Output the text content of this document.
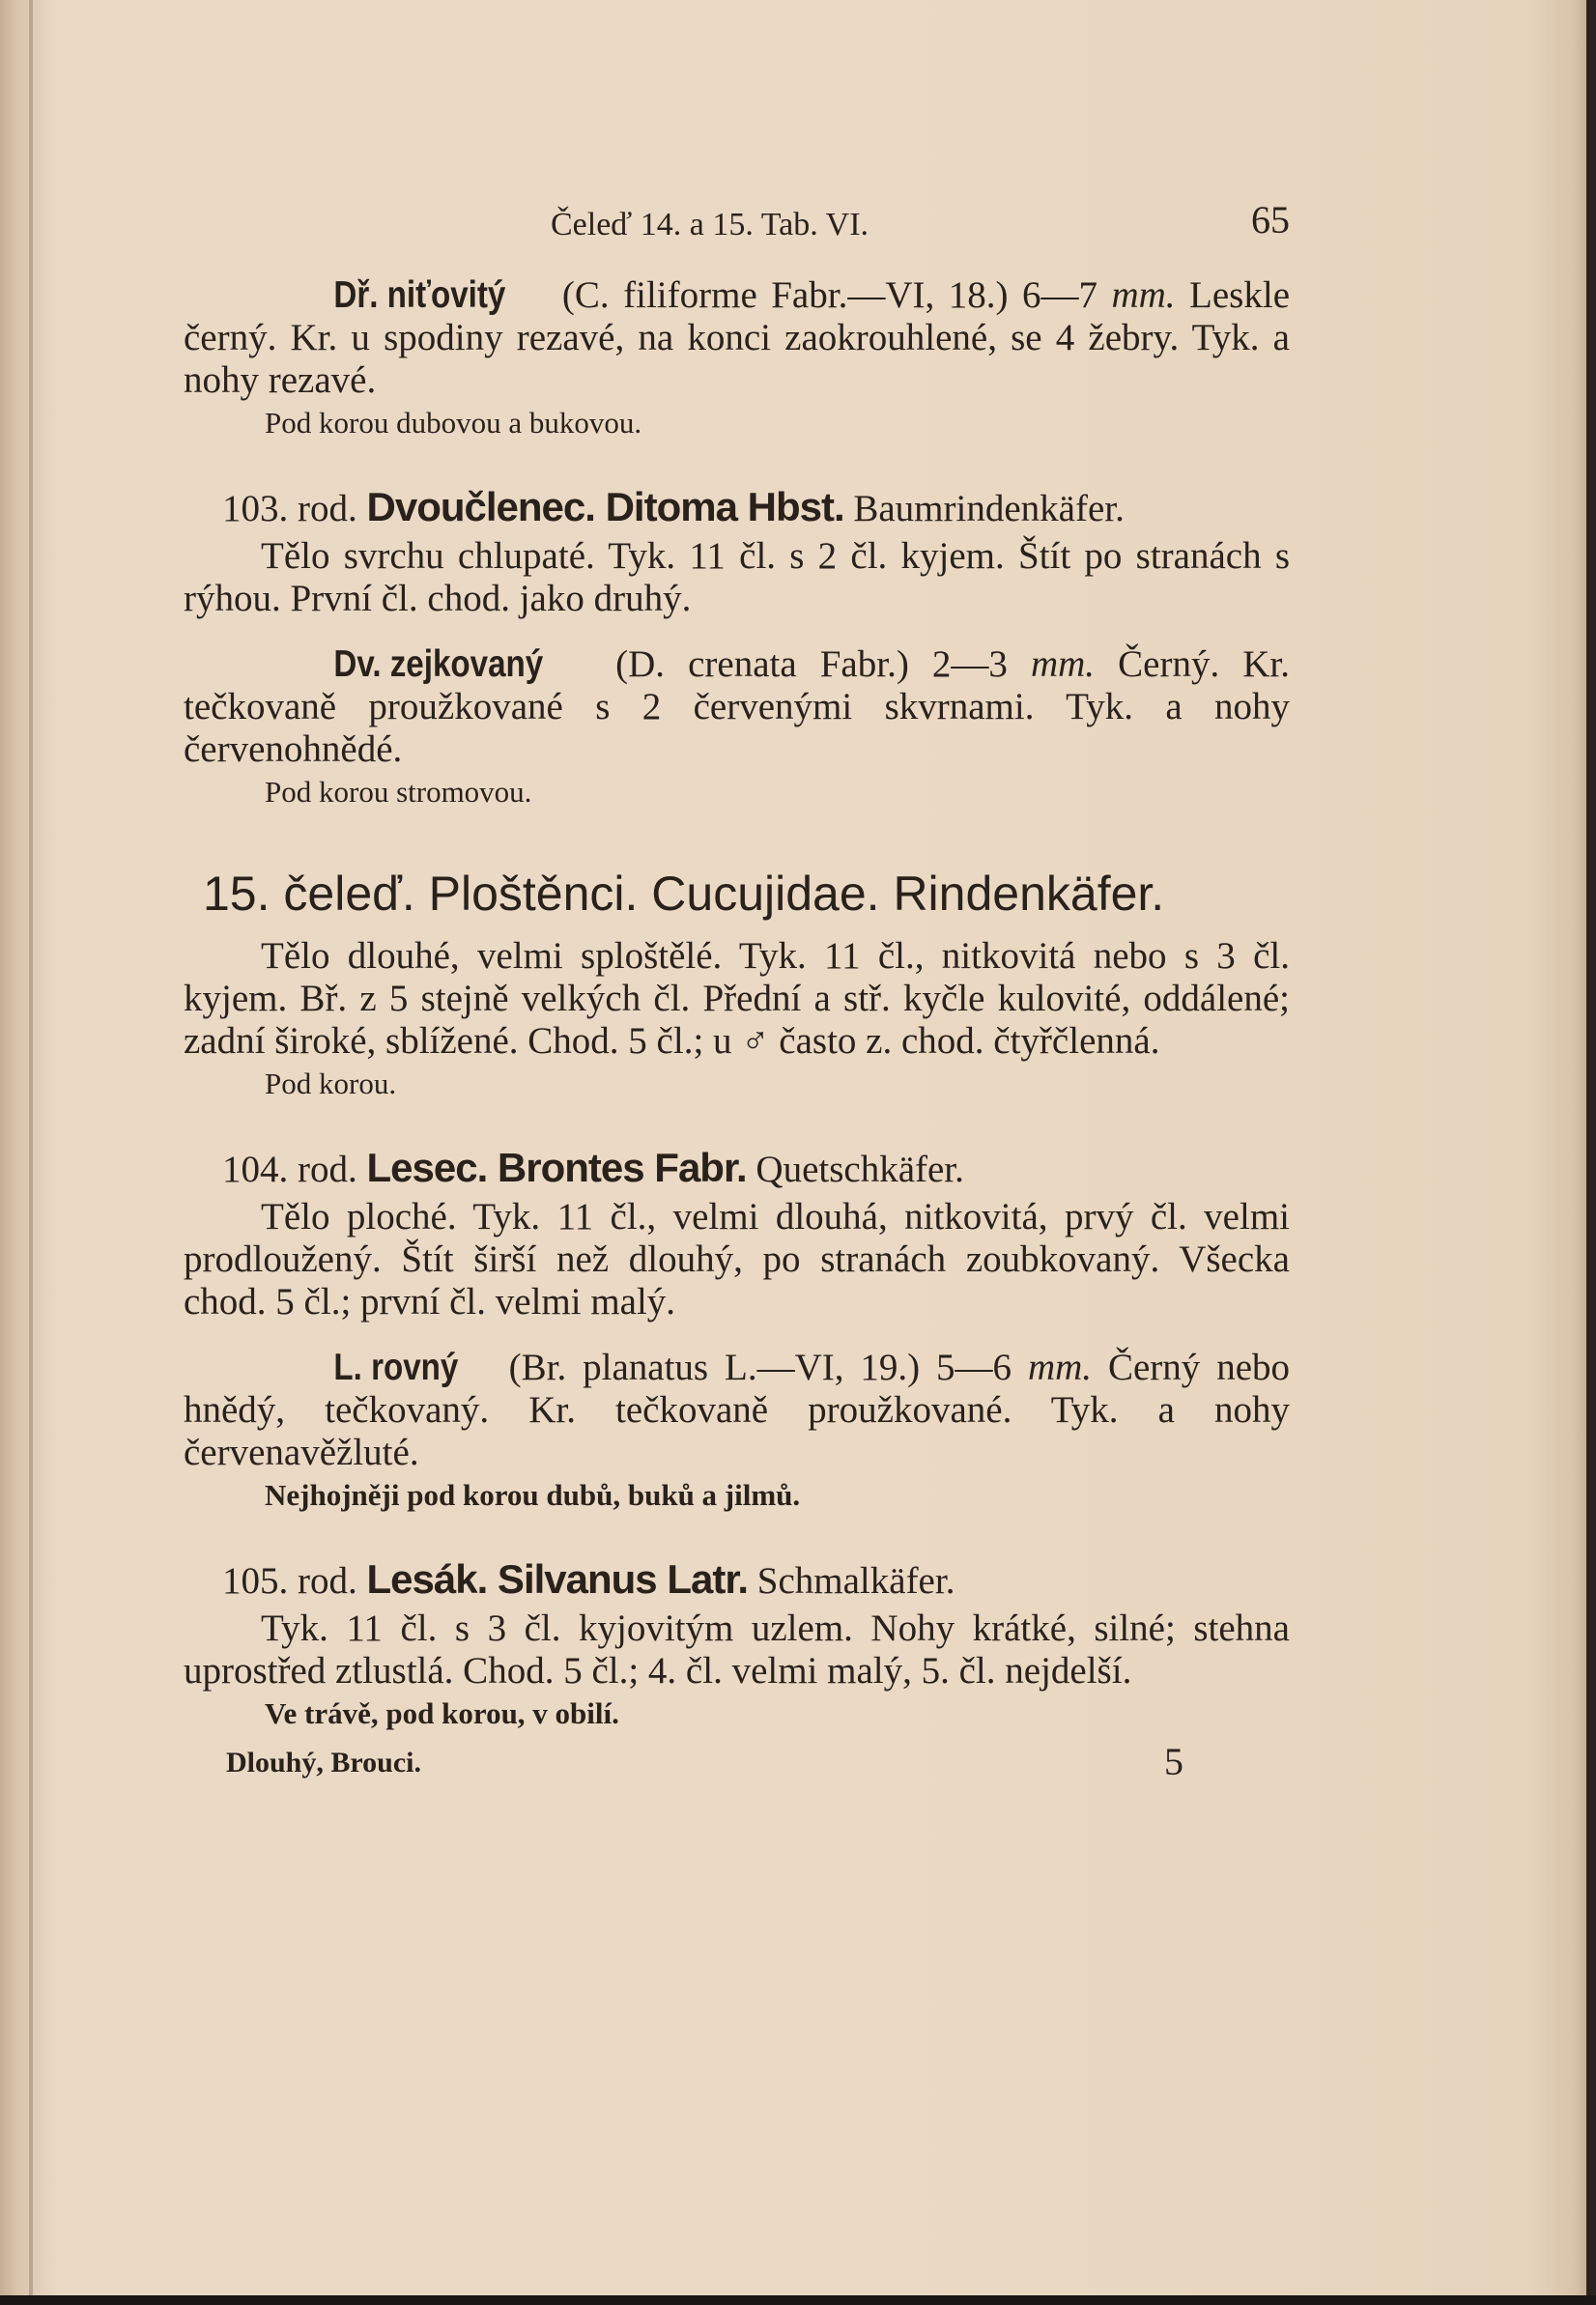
Čeleď 14. a 15. Tab. VI.	65

Dř. niťovitý (C. filiforme Fabr.—VI, 18.) 6—7 mm. Leskle černý. Kr. u spodiny rezavé, na konci zaokrouhlené, se 4 žebry. Tyk. a nohy rezavé.

Pod korou dubovou a bukovou.

103. rod. Dvoučlenec. Ditoma Hbst. Baumrindenkäfer.

Tělo svrchu chlupaté. Tyk. 11 čl. s 2 čl. kyjem. Štít po stranách s rýhou. První čl. chod. jako druhý.

Dv. zejkovaný (D. crenata Fabr.) 2—3 mm. Černý. Kr. tečkovaně proužkované s 2 červenými skvrnami. Tyk. a nohy červenohnědé.

Pod korou stromovou.

15. čeleď. Ploštěnci. Cucujidae. Rindenkäfer.

Tělo dlouhé, velmi sploštělé. Tyk. 11 čl., nitkovitá nebo s 3 čl. kyjem. Bř. z 5 stejně velkých čl. Přední a stř. kyčle kulovité, oddálené; zadní široké, sblížené. Chod. 5 čl.; u ♂ často z. chod. čtyřčlenná.

Pod korou.

104. rod. Lesec. Brontes Fabr. Quetschkäfer.

Tělo ploché. Tyk. 11 čl., velmi dlouhá, nitkovitá, prvý čl. velmi prodloužený. Štít širší než dlouhý, po stranách zoubkovaný. Všecka chod. 5 čl.; první čl. velmi malý.

L. rovný (Br. planatus L.—VI, 19.) 5—6 mm. Černý nebo hnědý, tečkovaný. Kr. tečkovaně proužkované. Tyk. a nohy červenavěžluté.

Nejhojněji pod korou dubů, buků a jilmů.

105. rod. Lesák. Silvanus Latr. Schmalkäfer.

Tyk. 11 čl. s 3 čl. kyjovitým uzlem. Nohy krátké, silné; stehna uprostřed ztlustlá. Chod. 5 čl.; 4. čl. velmi malý, 5. čl. nejdelší.

Ve trávě, pod korou, v obilí.

Dlouhý, Brouci.	5
